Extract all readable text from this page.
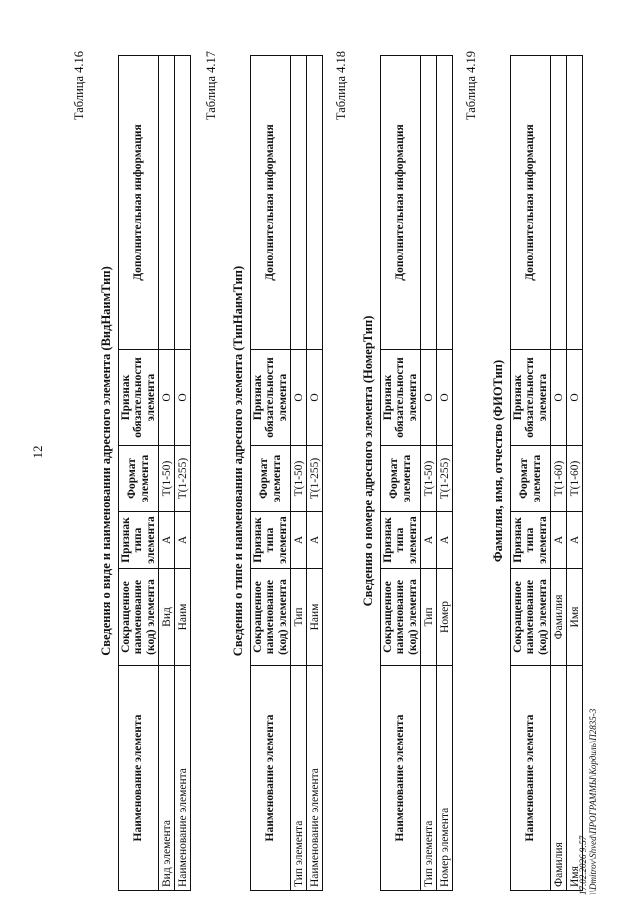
12
Таблица 4.16
Сведения о виде и наименовании адресного элемента (ВидНаимТип)
Наименование элемента	Сокращенное наименование (код) элемента	Признак типа элемента	Формат элемента	Признак обязательности элемента	Дополнительная информация
Вид элемента	Вид	A	T(1-50)	O	
Наименование элемента	Наим	A	T(1-255)	O	
Таблица 4.17
Сведения о типе и наименовании адресного элемента (ТипНаимТип)
Наименование элемента	Сокращенное наименование (код) элемента	Признак типа элемента	Формат элемента	Признак обязательности элемента	Дополнительная информация
Тип элемента	Тип	A	T(1-50)	O	
Наименование элемента	Наим	A	T(1-255)	O	
Таблица 4.18
Сведения о номере адресного элемента (НомерТип)
Наименование элемента	Сокращенное наименование (код) элемента	Признак типа элемента	Формат элемента	Признак обязательности элемента	Дополнительная информация
Тип элемента	Тип	A	T(1-50)	O	
Номер элемента	Номер	A	T(1-255)	O	
Таблица 4.19
Фамилия, имя, отчество (ФИОТип)
Наименование элемента	Сокращенное наименование (код) элемента	Признак типа элемента	Формат элемента	Признак обязательности элемента	Дополнительная информация
Фамилия	Фамилия	A	T(1-60)	O	
Имя	Имя	A	T(1-60)	O	
17.02.2026 9:57 \\Dmitrov\Shved\ПРОГРАММЫ\Кордиль\П2835-3
